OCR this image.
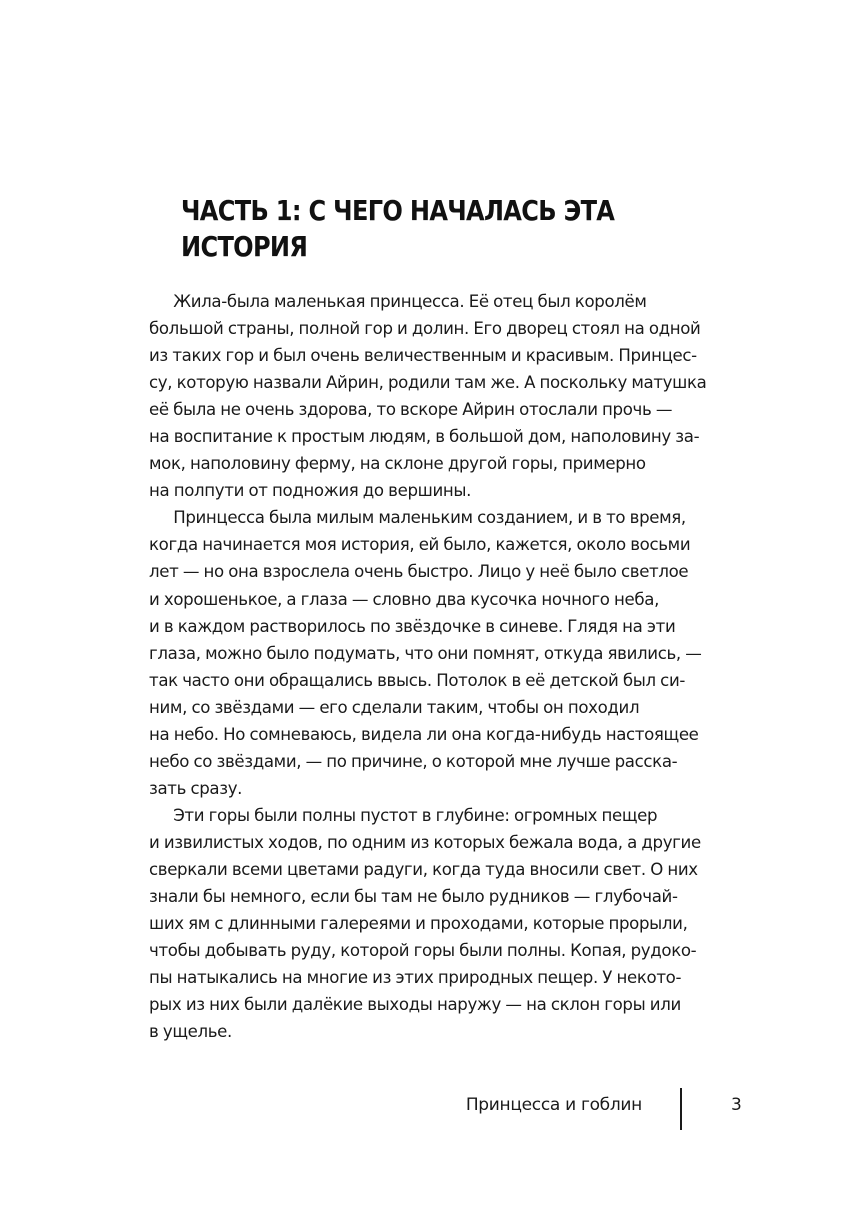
ЧАСТЬ 1: С ЧЕГО НАЧАЛАСЬ ЭТА
ИСТОРИЯ

  Жила-была маленькая принцесса. Её отец был королём
большой страны, полной гор и долин. Его дворец стоял на одной
из таких гор и был очень величественным и красивым. Принцес-
су, которую назвали Айрин, родили там же. А поскольку матушка
её была не очень здорова, то вскоре Айрин отослали прочь —
на воспитание к простым людям, в большой дом, наполовину за-
мок, наполовину ферму, на склоне другой горы, примерно
на полпути от подножия до вершины.

  Принцесса была милым маленьким созданием, и в то время,
когда начинается моя история, ей было, кажется, около восьми
лет — но она взрослела очень быстро. Лицо у неё было светлое
и хорошенькое, а глаза — словно два кусочка ночного неба,
и в каждом растворилось по звёздочке в синеве. Глядя на эти
глаза, можно было подумать, что они помнят, откуда явились, —
так часто они обращались ввысь. Потолок в её детской был си-
ним, со звёздами — его сделали таким, чтобы он походил
на небо. Но сомневаюсь, видела ли она когда-нибудь настоящее
небо со звёздами, — по причине, о которой мне лучше расска-
зать сразу.

  Эти горы были полны пустот в глубине: огромных пещер
и извилистых ходов, по одним из которых бежала вода, а другие
сверкали всеми цветами радуги, когда туда вносили свет. О них
знали бы немного, если бы там не было рудников — глубочай-
ших ям с длинными галереями и проходами, которые прорыли,
чтобы добывать руду, которой горы были полны. Копая, рудоко-
пы натыкались на многие из этих природных пещер. У некото-
рых из них были далёкие выходы наружу — на склон горы или
в ущелье.

Принцесса и гоблин	3
